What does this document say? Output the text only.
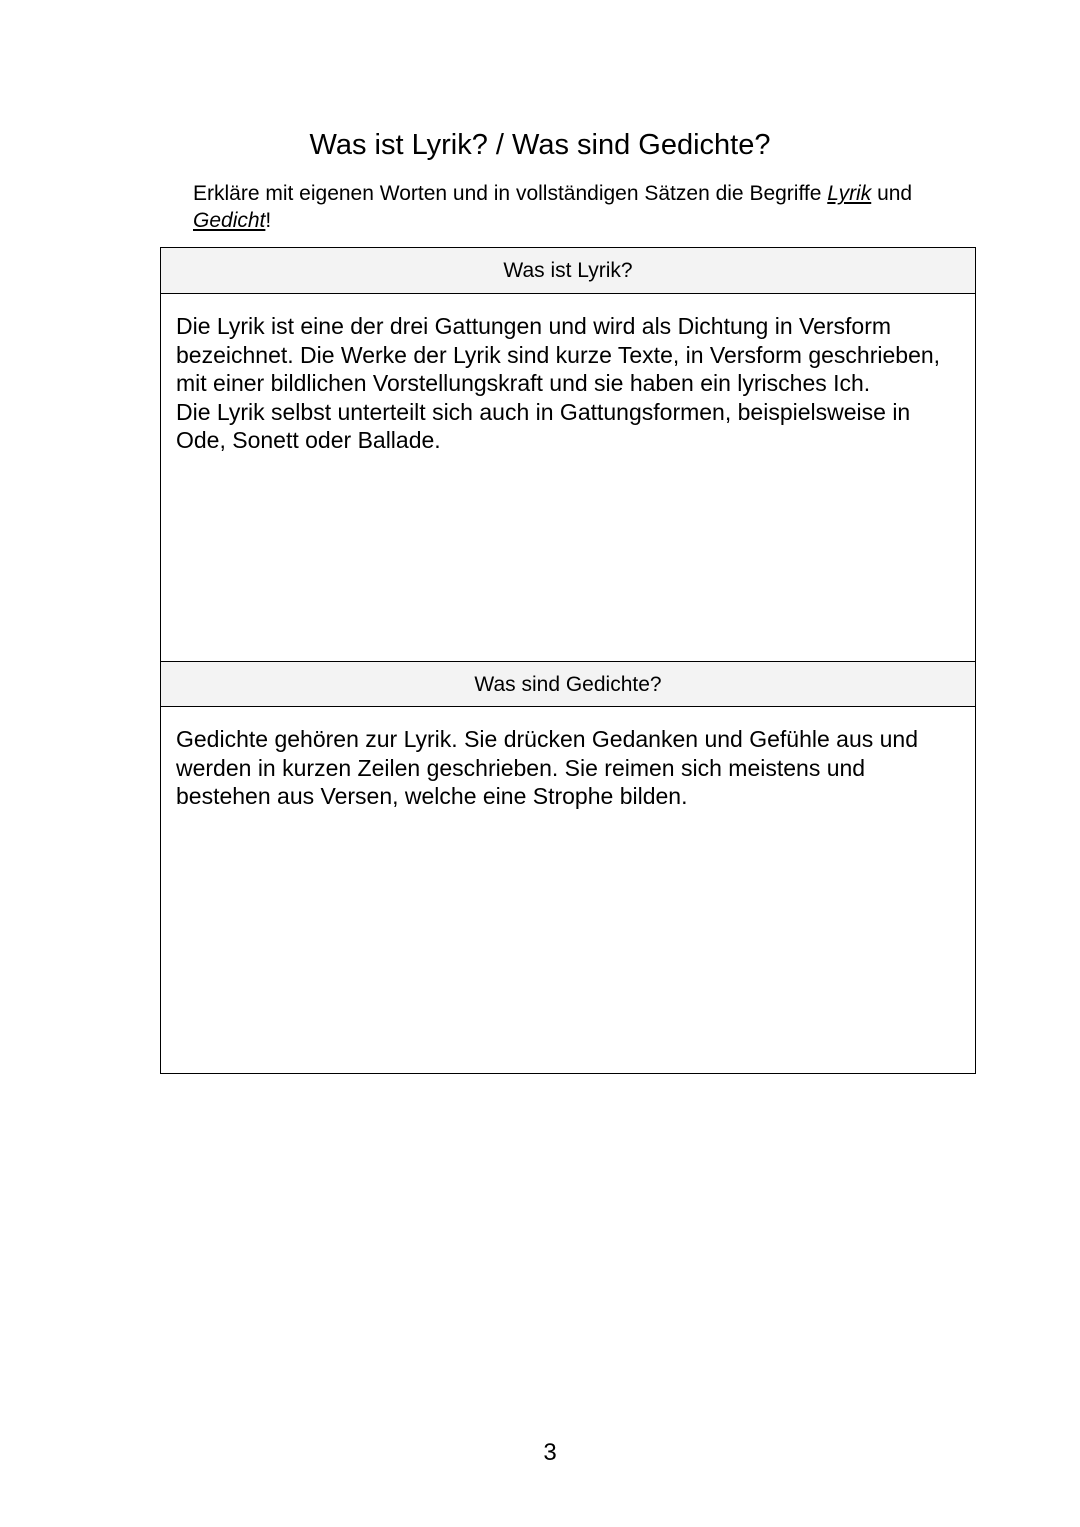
Was ist Lyrik? / Was sind Gedichte?

Erkläre mit eigenen Worten und in vollständigen Sätzen die Begriffe Lyrik und
Gedicht!

Was ist Lyrik?

Die Lyrik ist eine der drei Gattungen und wird als Dichtung in Versform bezeichnet. Die Werke der Lyrik sind kurze Texte, in Versform geschrieben, mit einer bildlichen Vorstellungskraft und sie haben ein lyrisches Ich.

Die Lyrik selbst unterteilt sich auch in Gattungsformen, beispielsweise in Ode, Sonett oder Ballade.

Was sind Gedichte?

Gedichte gehören zur Lyrik. Sie drücken Gedanken und Gefühle aus und werden in kurzen Zeilen geschrieben. Sie reimen sich meistens und bestehen aus Versen, welche eine Strophe bilden.

3
